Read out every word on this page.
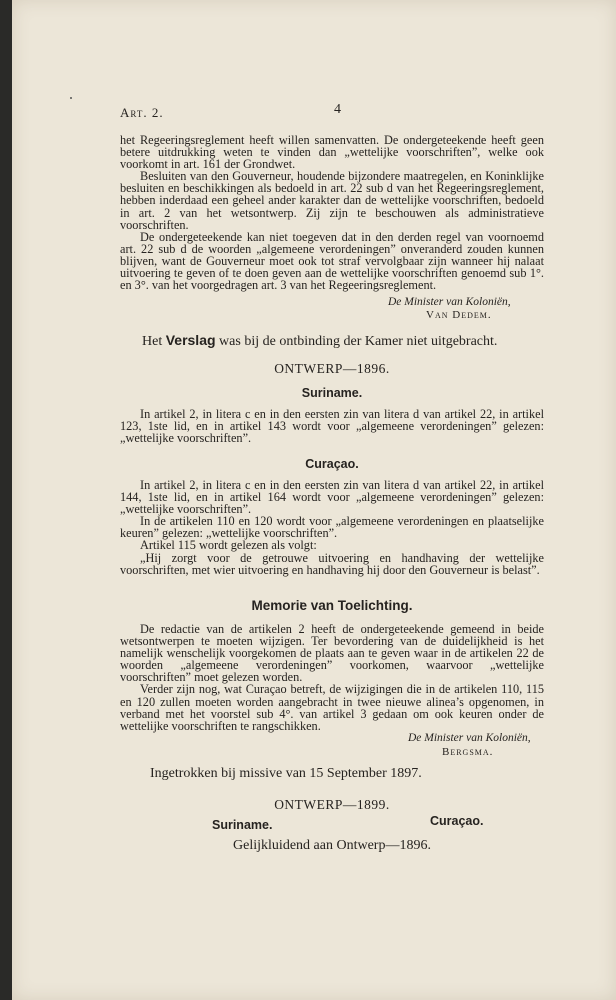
Art. 2.	4

het Regeeringsreglement heeft willen samenvatten. De ondergeteekende heeft geen betere uitdrukking weten te vinden dan „wettelijke voorschriften”, welke ook voorkomt in art. 161 der Grondwet.

Besluiten van den Gouverneur, houdende bijzondere maatregelen, en Koninklijke besluiten en beschikkingen als bedoeld in art. 22 sub d van het Regeeringsreglement, hebben inderdaad een geheel ander karakter dan de wettelijke voorschriften, bedoeld in art. 2 van het wetsontwerp. Zij zijn te beschouwen als administratieve voorschriften.

De ondergeteekende kan niet toegeven dat in den derden regel van voornoemd art. 22 sub d de woorden „algemeene verordeningen” onveranderd zouden kunnen blijven, want de Gouverneur moet ook tot straf vervolgbaar zijn wanneer hij nalaat uitvoering te geven of te doen geven aan de wettelijke voorschriften genoemd sub 1°. en 3°. van het voorgedragen art. 3 van het Regeeringsreglement.

De Minister van Koloniën,
Van Dedem.
Het Verslag was bij de ontbinding der Kamer niet uitgebracht.
ONTWERP—1896.
Suriname.

In artikel 2, in litera c en in den eersten zin van litera d van artikel 22, in artikel 123, 1ste lid, en in artikel 143 wordt voor „algemeene verordeningen” gelezen: „wettelijke voorschriften”.

Curaçao.

In artikel 2, in litera c en in den eersten zin van litera d van artikel 22, in artikel 144, 1ste lid, en in artikel 164 wordt voor „algemeene verordeningen” gelezen: „wettelijke voorschriften”.

In de artikelen 110 en 120 wordt voor „algemeene verordeningen en plaatselijke keuren” gelezen: „wettelijke voorschriften”.

Artikel 115 wordt gelezen als volgt:

„Hij zorgt voor de getrouwe uitvoering en handhaving der wettelijke voorschriften, met wier uitvoering en handhaving hij door den Gouverneur is belast”.

Memorie van Toelichting.

De redactie van de artikelen 2 heeft de ondergeteekende gemeend in beide wetsontwerpen te moeten wijzigen. Ter bevordering van de duidelijkheid is het namelijk wenschelijk voorgekomen de plaats aan te geven waar in de artikelen 22 de woorden „algemeene verordeningen” voorkomen, waarvoor „wettelijke voorschriften” moet gelezen worden.

Verder zijn nog, wat Curaçao betreft, de wijzigingen die in de artikelen 110, 115 en 120 zullen moeten worden aangebracht in twee nieuwe alinea’s opgenomen, in verband met het voorstel sub 4°. van artikel 3 gedaan om ook keuren onder de wettelijke voorschriften te rangschikken.

De Minister van Koloniën,
Bergsma.
Ingetrokken bij missive van 15 September 1897.
ONTWERP—1899.
Suriname.	Curaçao.
Gelijkluidend aan Ontwerp—1896.
